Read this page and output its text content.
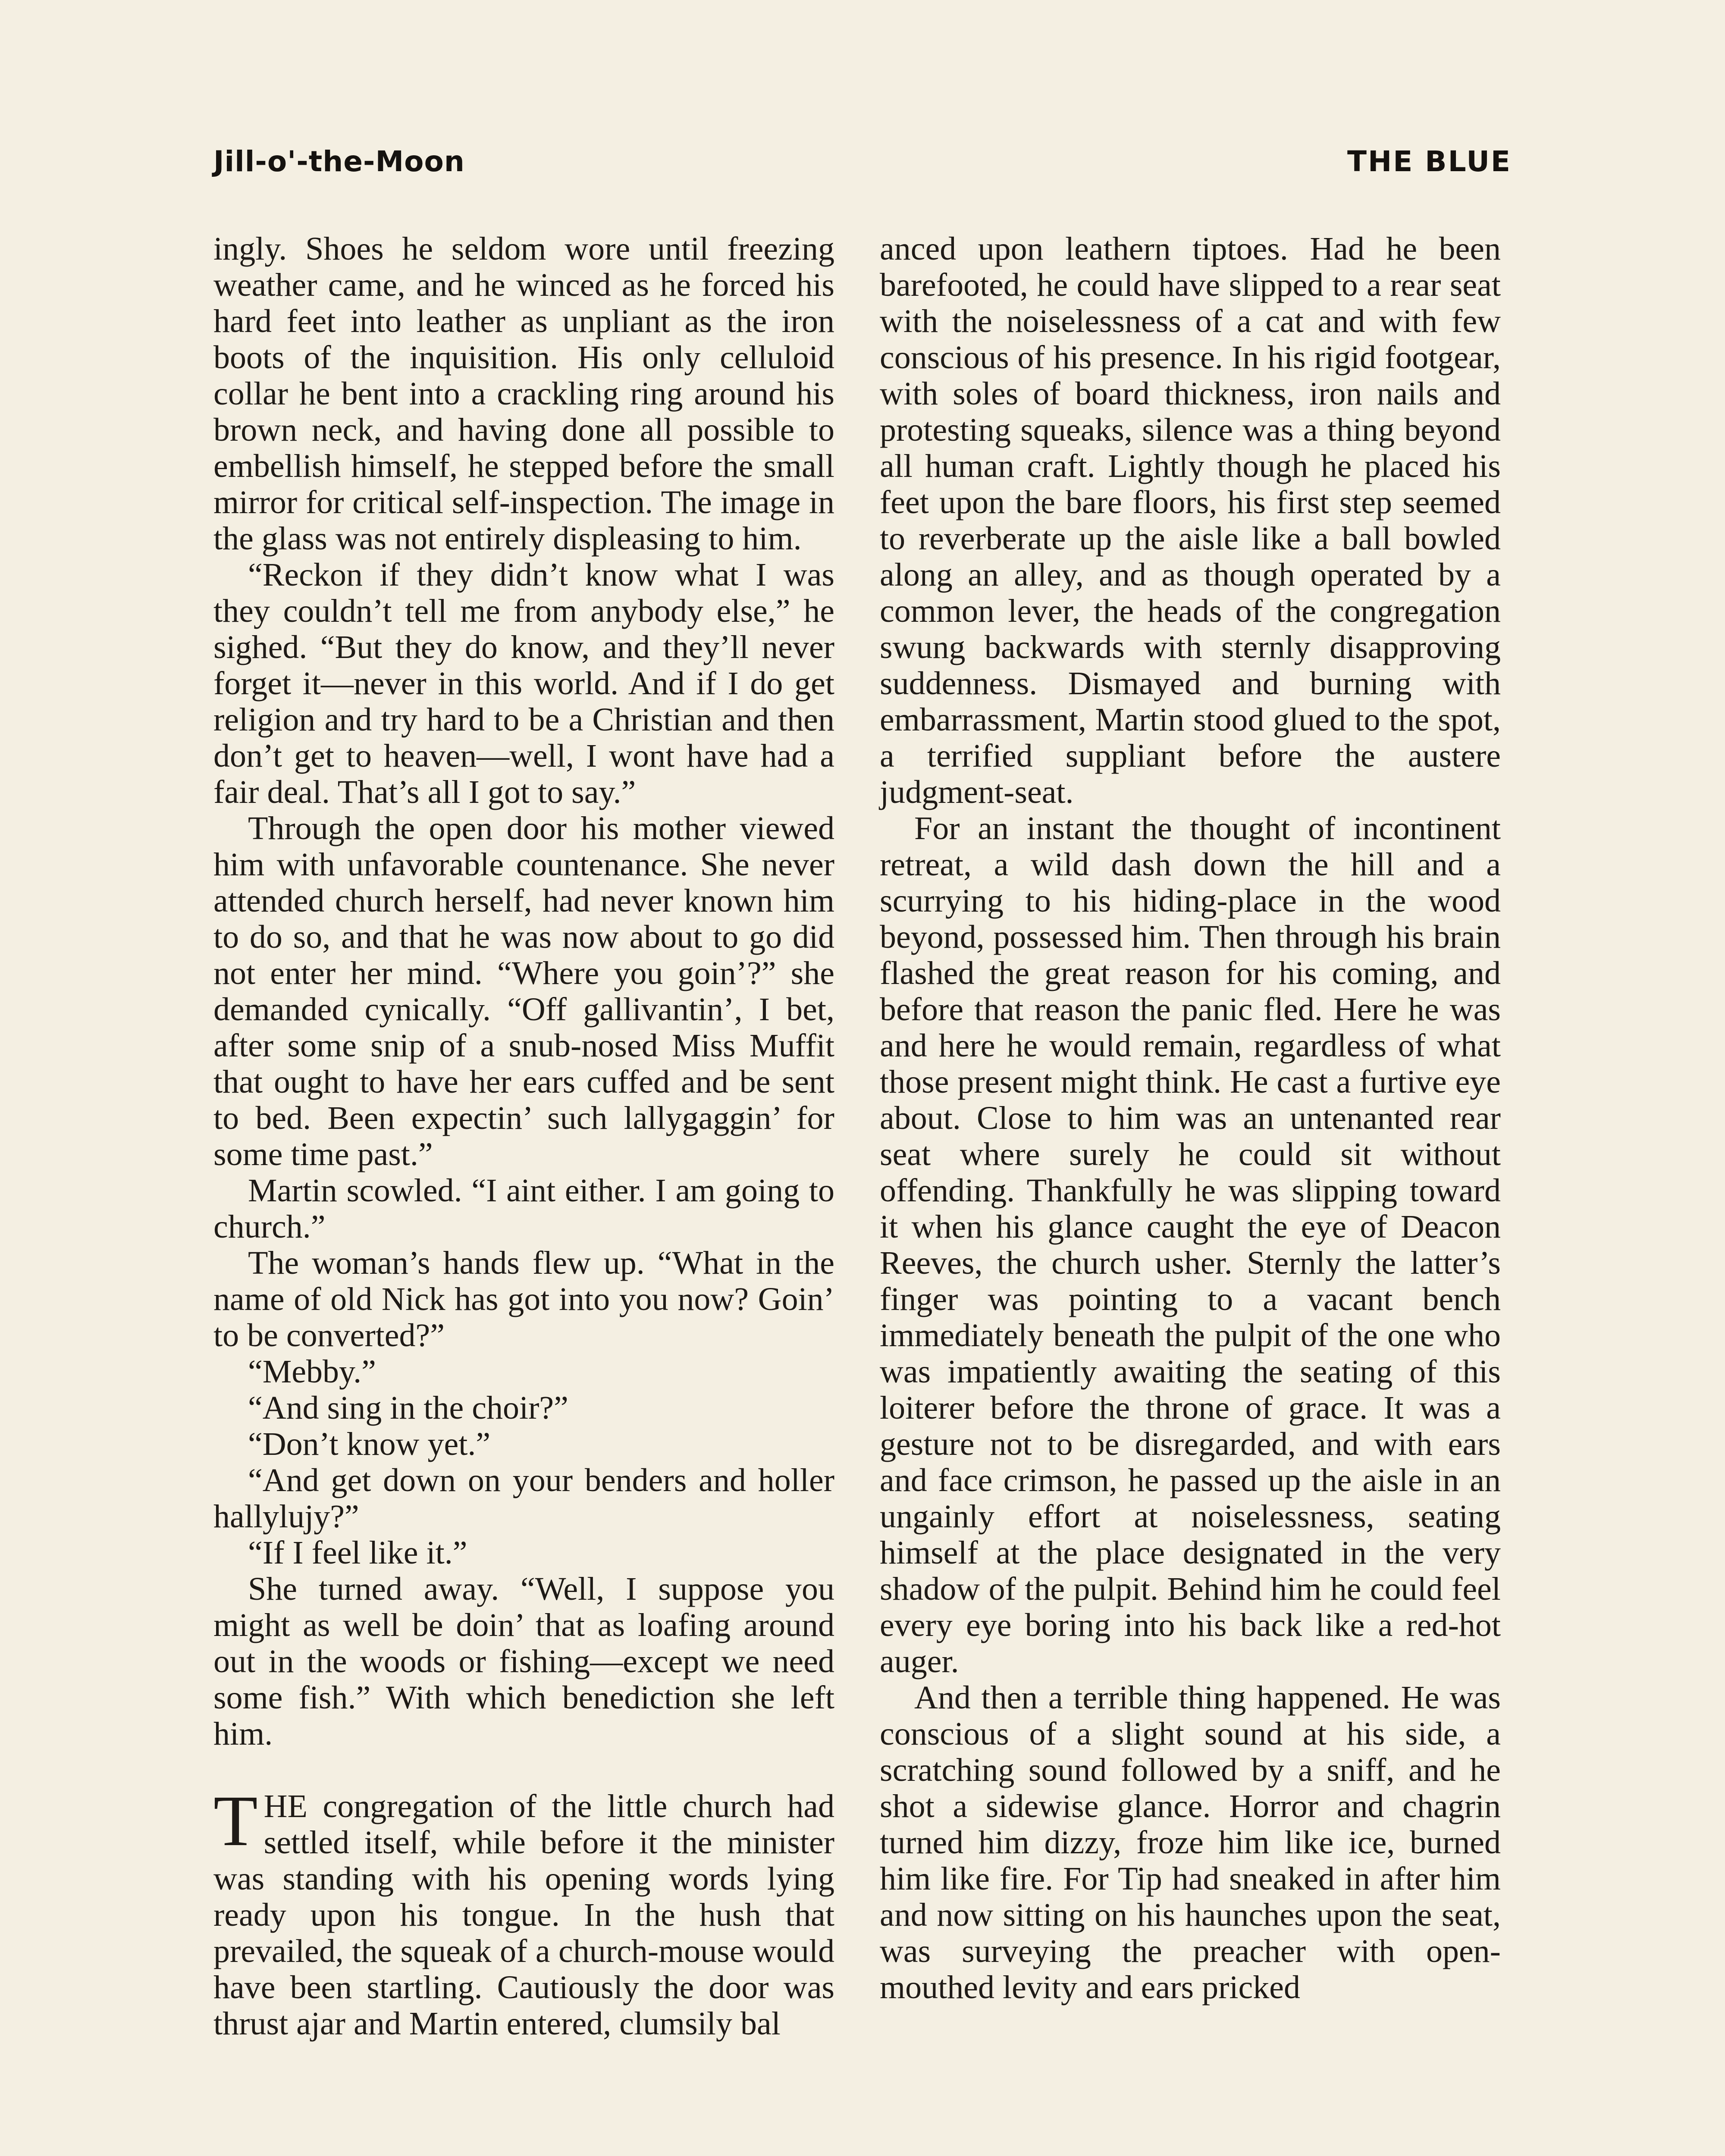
Jill-o'-the-Moon	THE BLUE

ingly. Shoes he seldom wore until freezing weather came, and he winced as he forced his hard feet into leather as unpliant as the iron boots of the inquisition. His only celluloid collar he bent into a crackling ring around his brown neck, and having done all possible to embellish himself, he stepped before the small mirror for critical self-inspection. The image in the glass was not entirely displeasing to him.

“Reckon if they didn’t know what I was they couldn’t tell me from anybody else,” he sighed. “But they do know, and they’ll never forget it—never in this world. And if I do get religion and try hard to be a Christian and then don’t get to heaven—well, I wont have had a fair deal. That’s all I got to say.”

Through the open door his mother viewed him with unfavorable countenance. She never attended church herself, had never known him to do so, and that he was now about to go did not enter her mind. “Where you goin’?” she demanded cynically. “Off gallivantin’, I bet, after some snip of a snub-nosed Miss Muffit that ought to have her ears cuffed and be sent to bed. Been expectin’ such lallygaggin’ for some time past.”

Martin scowled. “I aint either. I am going to church.”

The woman’s hands flew up. “What in the name of old Nick has got into you now? Goin’ to be converted?”

“Mebby.”

“And sing in the choir?”

“Don’t know yet.”

“And get down on your benders and holler hallylujy?”

“If I feel like it.”

She turned away. “Well, I suppose you might as well be doin’ that as loafing around out in the woods or fishing—except we need some fish.” With which benediction she left him.

THE congregation of the little church had settled itself, while before it the minister was standing with his opening words lying ready upon his tongue. In the hush that prevailed, the squeak of a church-mouse would have been startling. Cautiously the door was thrust ajar and Martin entered, clumsily bal

anced upon leathern tiptoes. Had he been barefooted, he could have slipped to a rear seat with the noiselessness of a cat and with few conscious of his presence. In his rigid footgear, with soles of board thickness, iron nails and protesting squeaks, silence was a thing beyond all human craft. Lightly though he placed his feet upon the bare floors, his first step seemed to reverberate up the aisle like a ball bowled along an alley, and as though operated by a common lever, the heads of the congregation swung backwards with sternly disapproving suddenness. Dismayed and burning with embarrassment, Martin stood glued to the spot, a terrified suppliant before the austere judgment-seat.

For an instant the thought of incontinent retreat, a wild dash down the hill and a scurrying to his hiding-place in the wood beyond, possessed him. Then through his brain flashed the great reason for his coming, and before that reason the panic fled. Here he was and here he would remain, regardless of what those present might think. He cast a furtive eye about. Close to him was an untenanted rear seat where surely he could sit without offending. Thankfully he was slipping toward it when his glance caught the eye of Deacon Reeves, the church usher. Sternly the latter’s finger was pointing to a vacant bench immediately beneath the pulpit of the one who was impatiently awaiting the seating of this loiterer before the throne of grace. It was a gesture not to be disregarded, and with ears and face crimson, he passed up the aisle in an ungainly effort at noiselessness, seating himself at the place designated in the very shadow of the pulpit. Behind him he could feel every eye boring into his back like a red-hot auger.

And then a terrible thing happened. He was conscious of a slight sound at his side, a scratching sound followed by a sniff, and he shot a sidewise glance. Horror and chagrin turned him dizzy, froze him like ice, burned him like fire. For Tip had sneaked in after him and now sitting on his haunches upon the seat, was surveying the preacher with open-mouthed levity and ears pricked
